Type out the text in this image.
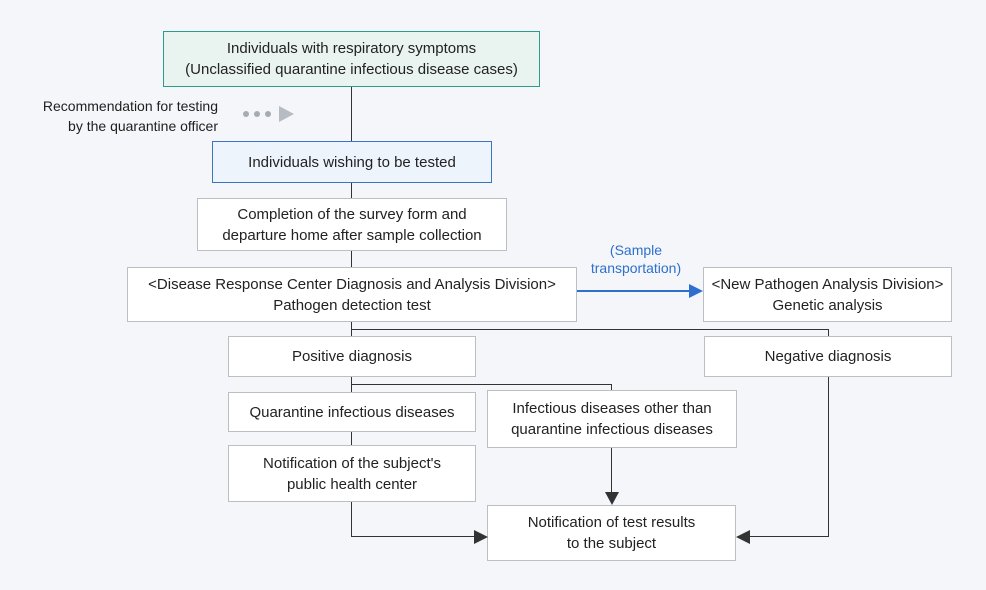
Individuals with respiratory symptoms
(Unclassified quarantine infectious disease cases)
Individuals wishing to be tested
Completion of the survey form and
departure home after sample collection
<Disease Response Center Diagnosis and Analysis Division>
Pathogen detection test
<New Pathogen Analysis Division>
Genetic analysis
Positive diagnosis	Negative diagnosis
Quarantine infectious diseases	Infectious diseases other than
quarantine infectious diseases
Notification of the subject's
public health center
Notification of test results
to the subject
Recommendation for testing
by the quarantine officer
(Sample
transportation)
